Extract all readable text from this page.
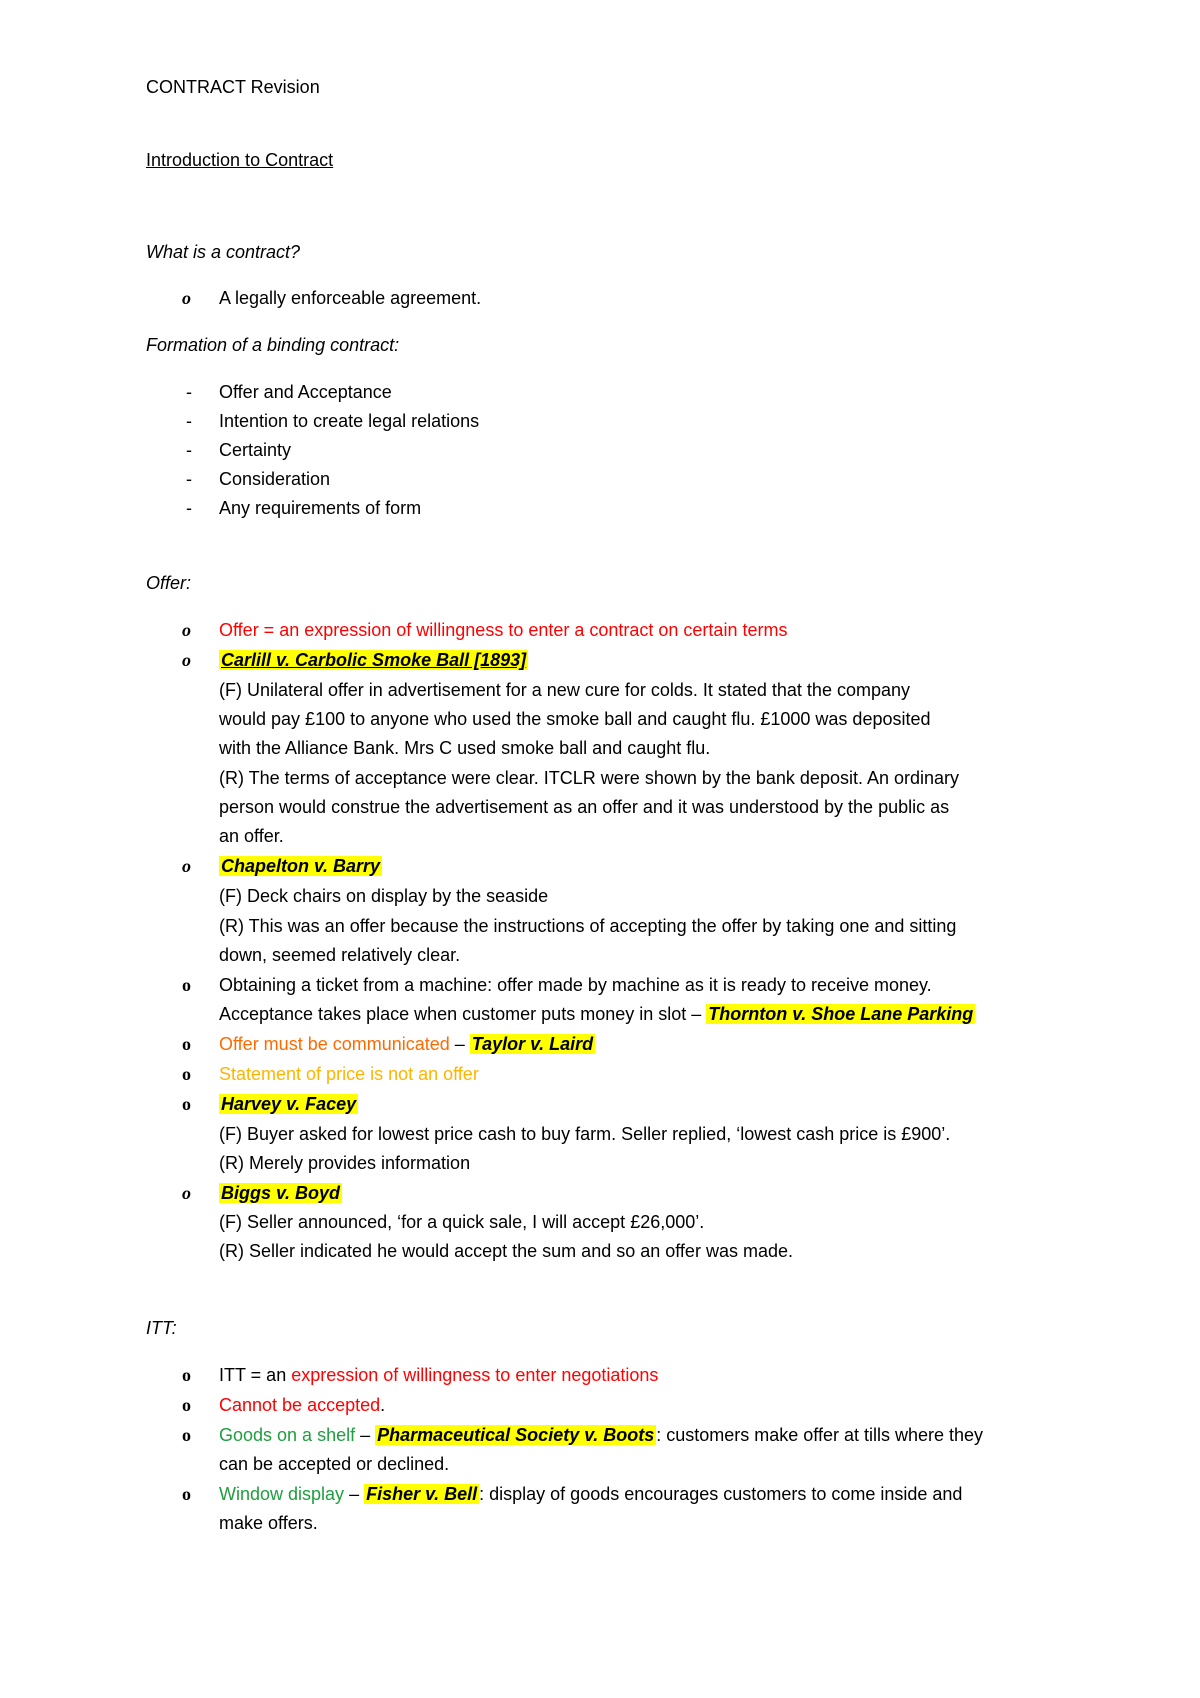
CONTRACT Revision
Introduction to Contract
What is a contract?
o A legally enforceable agreement.
Formation of a binding contract:
- Offer and Acceptance
- Intention to create legal relations
- Certainty
- Consideration
- Any requirements of form
Offer:
o Offer = an expression of willingness to enter a contract on certain terms
o Carlill v. Carbolic Smoke Ball [1893]
(F) Unilateral offer in advertisement for a new cure for colds. It stated that the company
would pay £100 to anyone who used the smoke ball and caught flu. £1000 was deposited
with the Alliance Bank. Mrs C used smoke ball and caught flu.
(R) The terms of acceptance were clear. ITCLR were shown by the bank deposit. An ordinary
person would construe the advertisement as an offer and it was understood by the public as
an offer.
o Chapelton v. Barry
(F) Deck chairs on display by the seaside
(R) This was an offer because the instructions of accepting the offer by taking one and sitting
down, seemed relatively clear.
o Obtaining a ticket from a machine: offer made by machine as it is ready to receive money.
Acceptance takes place when customer puts money in slot – Thornton v. Shoe Lane Parking
o Offer must be communicated – Taylor v. Laird
o Statement of price is not an offer
o Harvey v. Facey
(F) Buyer asked for lowest price cash to buy farm. Seller replied, ‘lowest cash price is £900’.
(R) Merely provides information
o Biggs v. Boyd
(F) Seller announced, ‘for a quick sale, I will accept £26,000’.
(R) Seller indicated he would accept the sum and so an offer was made.
ITT:
o ITT = an expression of willingness to enter negotiations
o Cannot be accepted.
o Goods on a shelf – Pharmaceutical Society v. Boots : customers make offer at tills where they
can be accepted or declined.
o Window display – Fisher v. Bell : display of goods encourages customers to come inside and
make offers.
